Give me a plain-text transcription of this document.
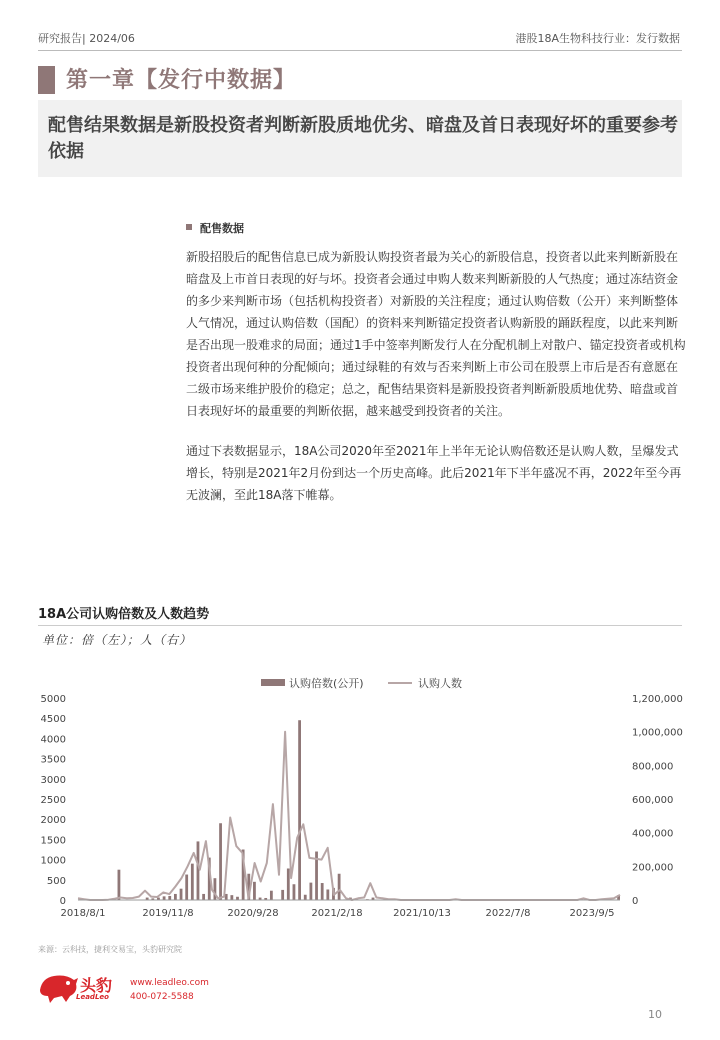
研究报告| 2024/06	港股18A生物科技行业：发行数据
第一章【发行中数据】
配售结果数据是新股投资者判断新股质地优劣、暗盘及首日表现好坏的重要参考依据
配售数据

新股招股后的配售信息已成为新股认购投资者最为关心的新股信息，投资者以此来判断新股在暗盘及上市首日表现的好与坏。投资者会通过申购人数来判断新股的人气热度；通过冻结资金的多少来判断市场（包括机构投资者）对新股的关注程度；通过认购倍数（公开）来判断整体人气情况，通过认购倍数（国配）的资料来判断锚定投资者认购新股的踊跃程度，以此来判断是否出现一股难求的局面；通过1手中签率判断发行人在分配机制上对散户、锚定投资者或机构投资者出现何种的分配倾向；通过绿鞋的有效与否来判断上市公司在股票上市后是否有意愿在二级市场来维护股价的稳定；总之，配售结果资料是新股投资者判断新股质地优势、暗盘或首日表现好坏的最重要的判断依据，越来越受到投资者的关注。

通过下表数据显示，18A公司2020年至2021年上半年无论认购倍数还是认购人数，呈爆发式增长，特别是2021年2月份到达一个历史高峰。此后2021年下半年盛况不再，2022年至今再无波澜，至此18A落下帷幕。

18A公司认购倍数及人数趋势
单位：倍（左）；人（右）
认购倍数(公开)	认购人数
0
500
1000
1500
2000
2500
3000
3500
4000
4500
5000
0
200,000
400,000
600,000
800,000
1,000,000
1,200,000
2018/8/1	2019/11/8	2020/9/28	2021/2/18	2021/10/13	2022/7/8	2023/9/5
来源：云科技，捷利交易宝，头豹研究院
头豹
LeadLeo
www.leadleo.com
400-072-5588
10
